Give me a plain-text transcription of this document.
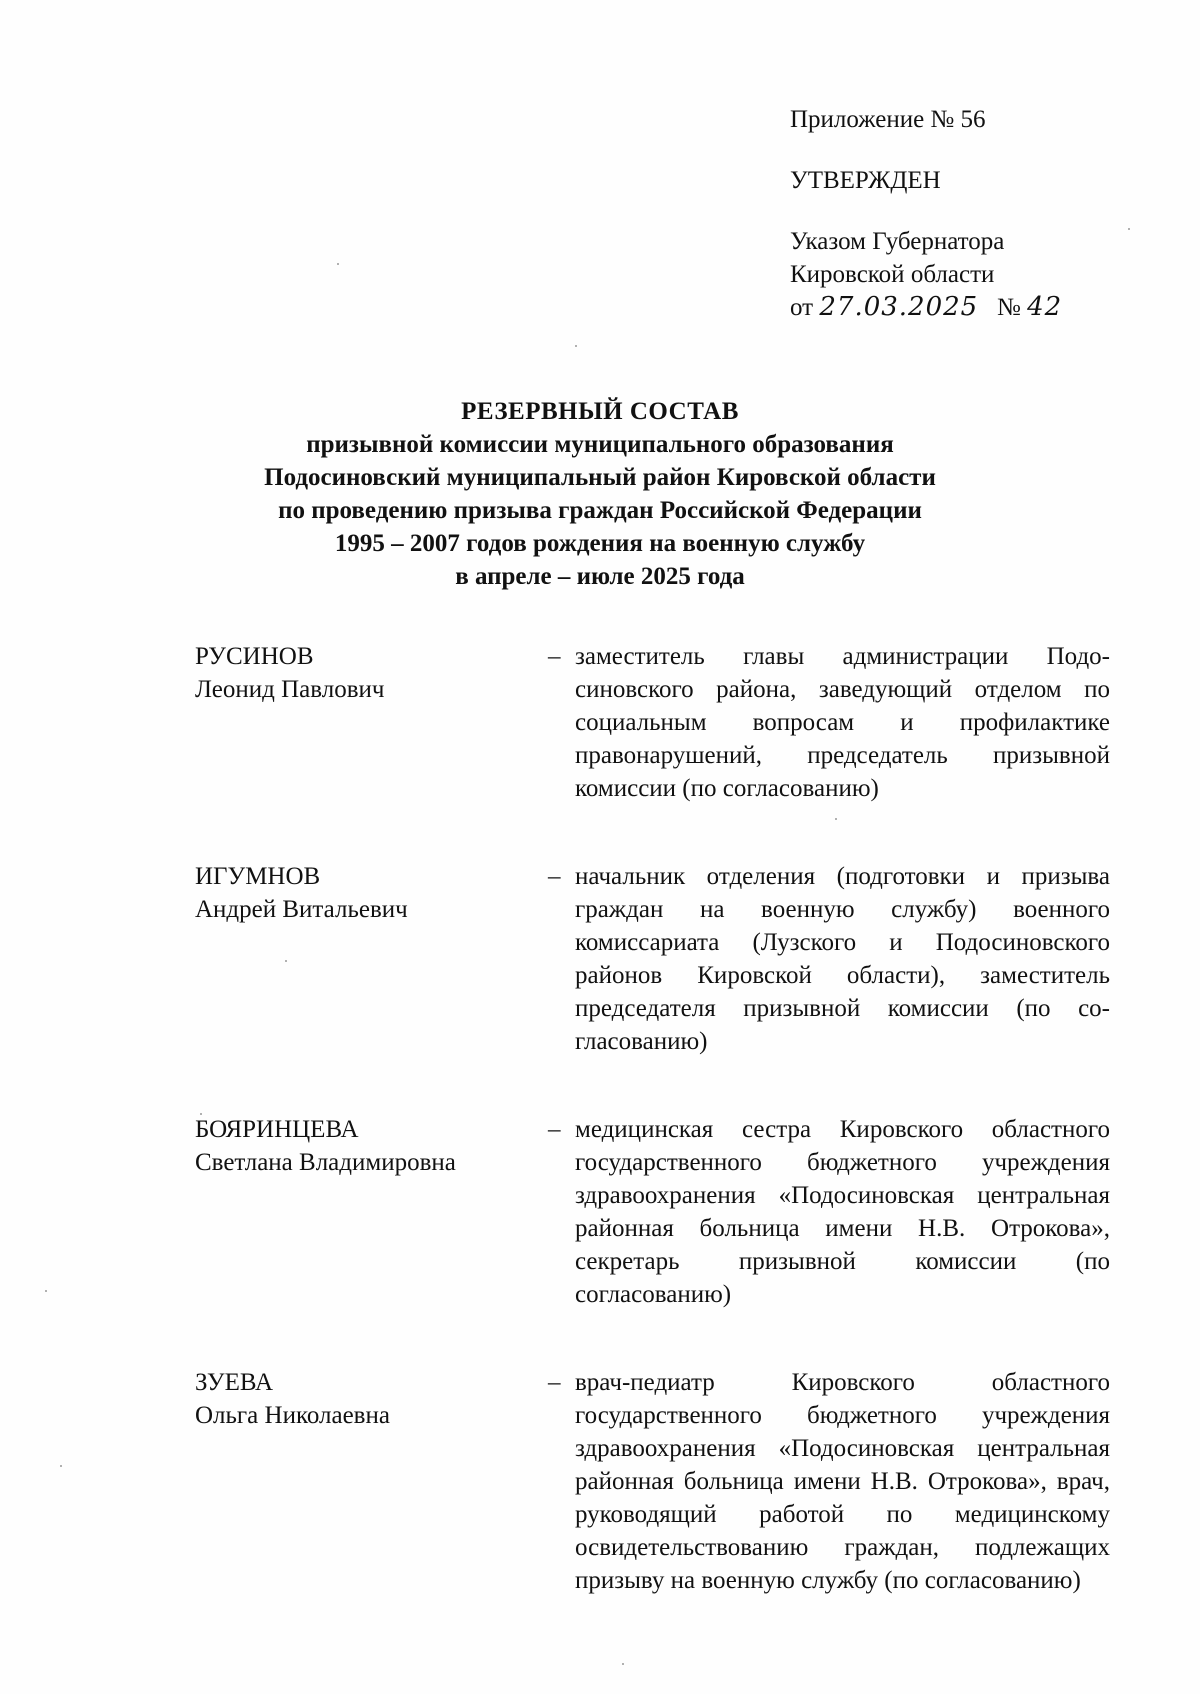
Приложение № 56
УТВЕРЖДЕН
Указом Губернатора
Кировской области
от 27.03.2025 № 42
РЕЗЕРВНЫЙ СОСТАВ
призывной комиссии муниципального образования
Подосиновский муниципальный район Кировской области
по проведению призыва граждан Российской Федерации
1995 – 2007 годов рождения на военную службу
в апреле – июле 2025 года
РУСИНОВ
Леонид Павлович
– заместитель главы администрации Подосиновского района, заведующий отделом по социальным вопросам и профилактике правонарушений, председатель призывной комиссии (по согласованию)
ИГУМНОВ
Андрей Витальевич
– начальник отделения (подготовки и призыва граждан на военную службу) военного комиссариата (Лузского и Подосиновского районов Кировской области), заместитель председателя призывной комиссии (по согласованию)
БОЯРИНЦЕВА
Светлана Владимировна
– медицинская сестра Кировского областного государственного бюджетного учреждения здравоохранения «Подосиновская центральная районная больница имени Н.В. Отрокова», секретарь призывной комиссии (по согласованию)
ЗУЕВА
Ольга Николаевна
– врач-педиатр Кировского областного государственного бюджетного учреждения здравоохранения «Подосиновская центральная районная больница имени Н.В. Отрокова», врач, руководящий работой по медицинскому освидетельствованию граждан, подлежащих призыву на военную службу (по согласованию)
